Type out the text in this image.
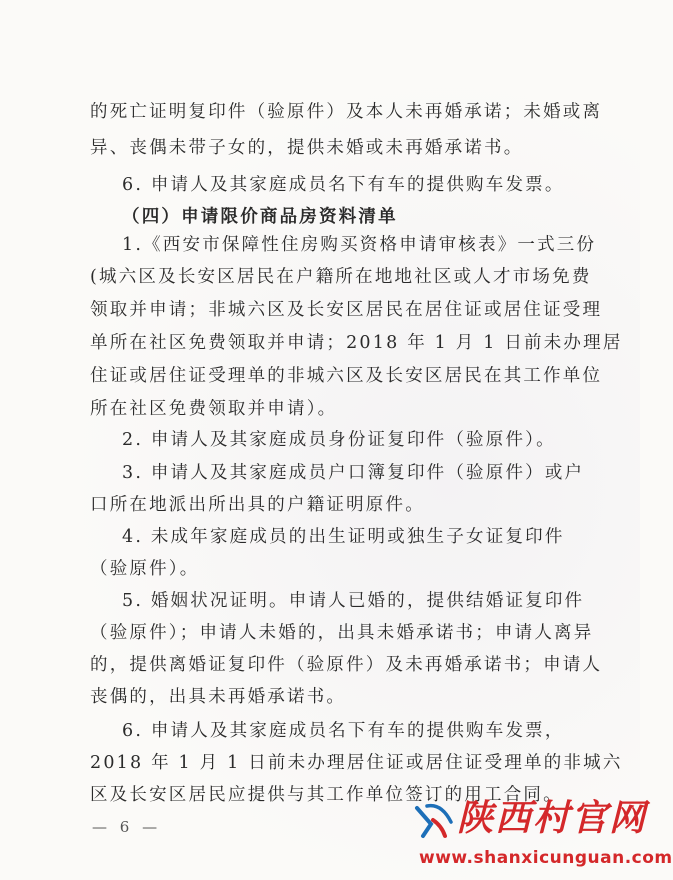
的死亡证明复印件（验原件）及本人未再婚承诺；未婚或离
异、丧偶未带子女的，提供未婚或未再婚承诺书。
6. 申请人及其家庭成员名下有车的提供购车发票。
（四）申请限价商品房资料清单
1.《西安市保障性住房购买资格申请审核表》一式三份
(城六区及长安区居民在户籍所在地地社区或人才市场免费
领取并申请；非城六区及长安区居民在居住证或居住证受理
单所在社区免费领取并申请；2018 年 1 月 1 日前未办理居
住证或居住证受理单的非城六区及长安区居民在其工作单位
所在社区免费领取并申请）。
2. 申请人及其家庭成员身份证复印件（验原件）。
3. 申请人及其家庭成员户口簿复印件（验原件）或户
口所在地派出所出具的户籍证明原件。
4. 未成年家庭成员的出生证明或独生子女证复印件
（验原件）。
5. 婚姻状况证明。申请人已婚的，提供结婚证复印件
（验原件）；申请人未婚的，出具未婚承诺书；申请人离异
的，提供离婚证复印件（验原件）及未再婚承诺书；申请人
丧偶的，出具未再婚承诺书。
6. 申请人及其家庭成员名下有车的提供购车发票，
2018 年 1 月 1 日前未办理居住证或居住证受理单的非城六
区及长安区居民应提供与其工作单位签订的用工合同。
— 6 —	陕西村官网
www.shanxicunguan.com
